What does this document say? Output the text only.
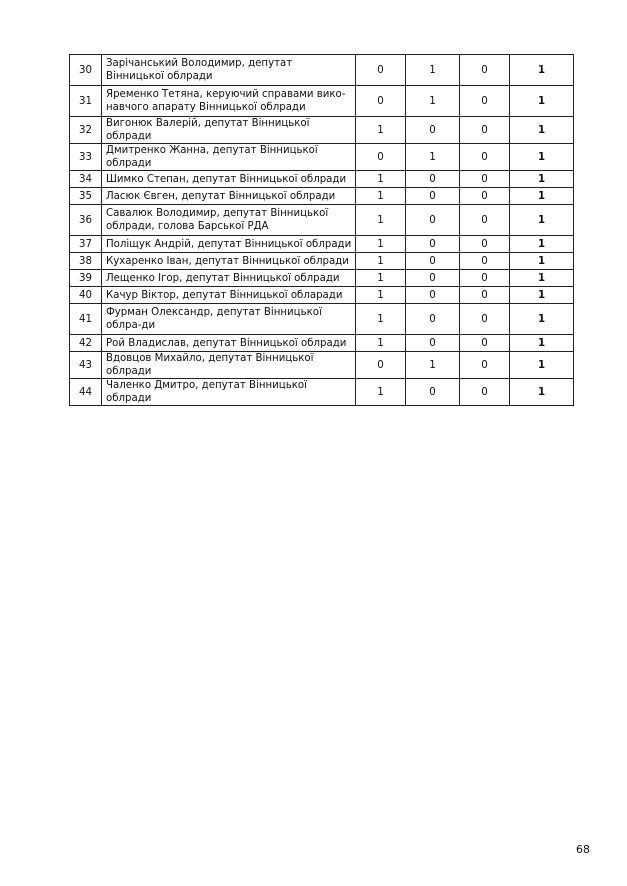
30	Зарічанський Володимир, депутат Вінницької облради	0	1	0	1
31	Яременко Тетяна, керуючий справами вико-навчого апарату Вінницької облради	0	1	0	1
32	Вигонюк Валерій, депутат Вінницької облради	1	0	0	1
33	Дмитренко Жанна, депутат Вінницької облради	0	1	0	1
34	Шимко Степан, депутат Вінницької облради	1	0	0	1
35	Ласюк Євген, депутат Вінницької облради	1	0	0	1
36	Савалюк Володимир, депутат Вінницької облради, голова Барської РДА	1	0	0	1
37	Поліщук Андрій, депутат Вінницької облради	1	0	0	1
38	Кухаренко Іван, депутат Вінницької облради	1	0	0	1
39	Лещенко Ігор, депутат Вінницької облради	1	0	0	1
40	Качур Віктор, депутат Вінницької обларади	1	0	0	1
41	Фурман Олександр, депутат Вінницької облра-ди	1	0	0	1
42	Рой Владислав, депутат Вінницької облради	1	0	0	1
43	Вдовцов Михайло, депутат Вінницької облради	0	1	0	1
44	Чаленко Дмитро, депутат Вінницької облради	1	0	0	1
68
